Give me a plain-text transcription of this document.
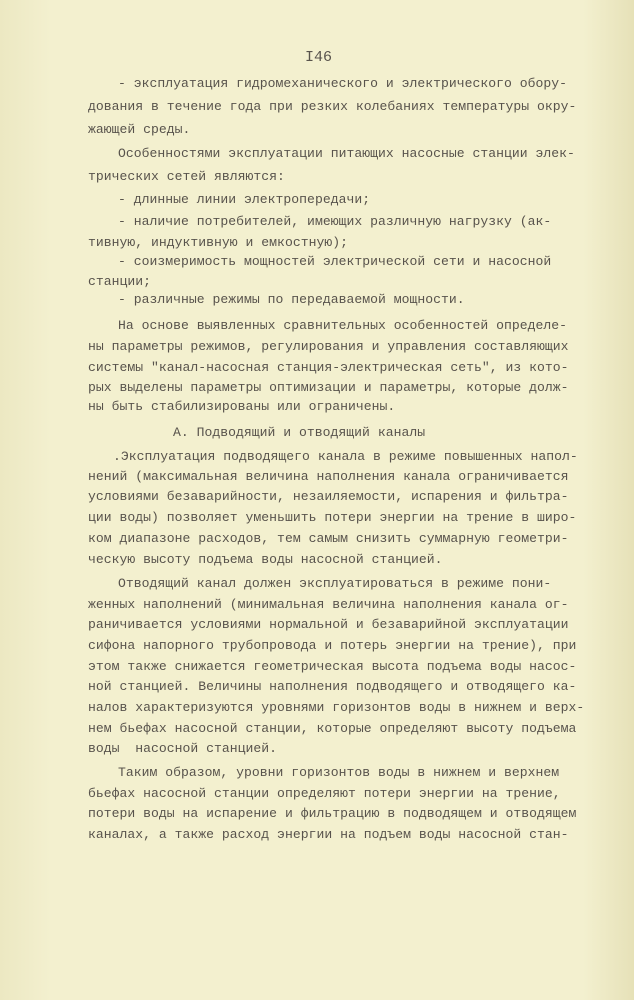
I46
- эксплуатация гидромеханического и электрического обору-
дования в течение года при резких колебаниях температуры окру-
жающей среды.
Особенностями эксплуатации питающих насосные станции элек-
трических сетей являются:
- длинные линии электропередачи;
- наличие потребителей, имеющих различную нагрузку (ак-
тивную, индуктивную и емкостную);
- соизмеримость мощностей электрической сети и насосной
станции;
- различные режимы по передаваемой мощности.
На основе выявленных сравнительных особенностей определе-
ны параметры режимов, регулирования и управления составляющих
системы "канал-насосная станция-электрическая сеть", из кото-
рых выделены параметры оптимизации и параметры, которые долж-
ны быть стабилизированы или ограничены.
А. Подводящий и отводящий каналы
.Эксплуатация подводящего канала в режиме повышенных напол-
нений (максимальная величина наполнения канала ограничивается
условиями безаварийности, незаиляемости, испарения и фильтра-
ции воды) позволяет уменьшить потери энергии на трение в широ-
ком диапазоне расходов, тем самым снизить суммарную геометри-
ческую высоту подъема воды насосной станцией.
Отводящий канал должен эксплуатироваться в режиме пони-
женных наполнений (минимальная величина наполнения канала ог-
раничивается условиями нормальной и безаварийной эксплуатации
сифона напорного трубопровода и потерь энергии на трение), при
этом также снижается геометрическая высота подъема воды насос-
ной станцией. Величины наполнения подводящего и отводящего ка-
налов характеризуются уровнями горизонтов воды в нижнем и верх-
нем бьефах насосной станции, которые определяют высоту подъема
воды  насосной станцией.
Таким образом, уровни горизонтов воды в нижнем и верхнем
бьефах насосной станции определяют потери энергии на трение,
потери воды на испарение и фильтрацию в подводящем и отводящем
каналах, а также расход энергии на подъем воды насосной стан-
